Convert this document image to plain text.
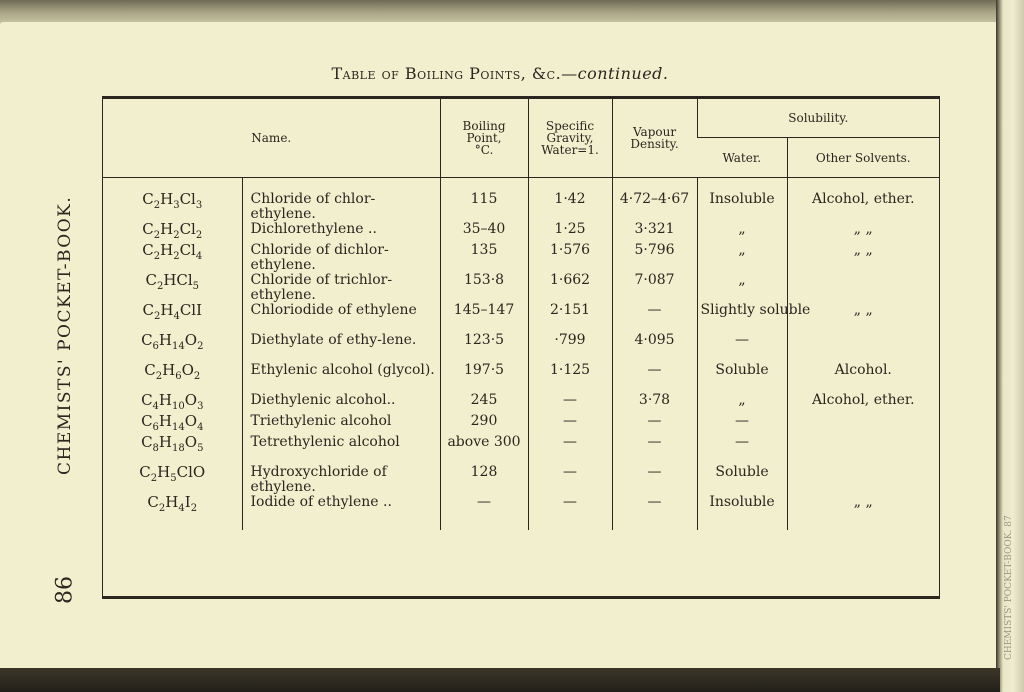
CHEMISTS' POCKET-BOOK. 87
86
CHEMISTS' POCKET-BOOK.
Table of Boiling Points, &c.—continued.
Name.		Boiling
Point,
°C.	Specific
Gravity,
Water=1.	Vapour
Density.	Solubility.	
					Water.	Other Solvents.
$C_2H_3Cl_3$	Chloride of chlor-ethylene.	115	1·42	4·72–4·67	Insoluble	Alcohol, ether.
$C_2H_2Cl_2$	Dichlorethylene ..	35–40	1·25	3·321	„	„ „
$C_2H_2Cl_4$	Chloride of dichlor-ethylene.	135	1·576	5·796	„	„ „
$C_2HCl_5$	Chloride of trichlor-ethylene.	153·8	1·662	7·087	„	
$C_2H_4ClI$	Chloriodide of ethylene	145–147	2·151	—	Slightly soluble	„ „
$C_6H_{14}O_2$	Diethylate of ethy-lene.	123·5	·799	4·095	—	
$C_2H_6O_2$	Ethylenic alcohol (glycol).	197·5	1·125	—	Soluble	Alcohol.
$C_4H_{10}O_3$	Diethylenic alcohol..	245	—	3·78	„	Alcohol, ether.
$C_6H_{14}O_4$	Triethylenic alcohol	290	—	—	—	
$C_8H_{18}O_5$	Tetrethylenic alcohol	above 300	—	—	—	
$C_2H_5ClO$	Hydroxychloride of ethylene.	128	—	—	Soluble	
$C_2H_4I_2$	Iodide of ethylene ..	—	—	—	Insoluble	„ „
